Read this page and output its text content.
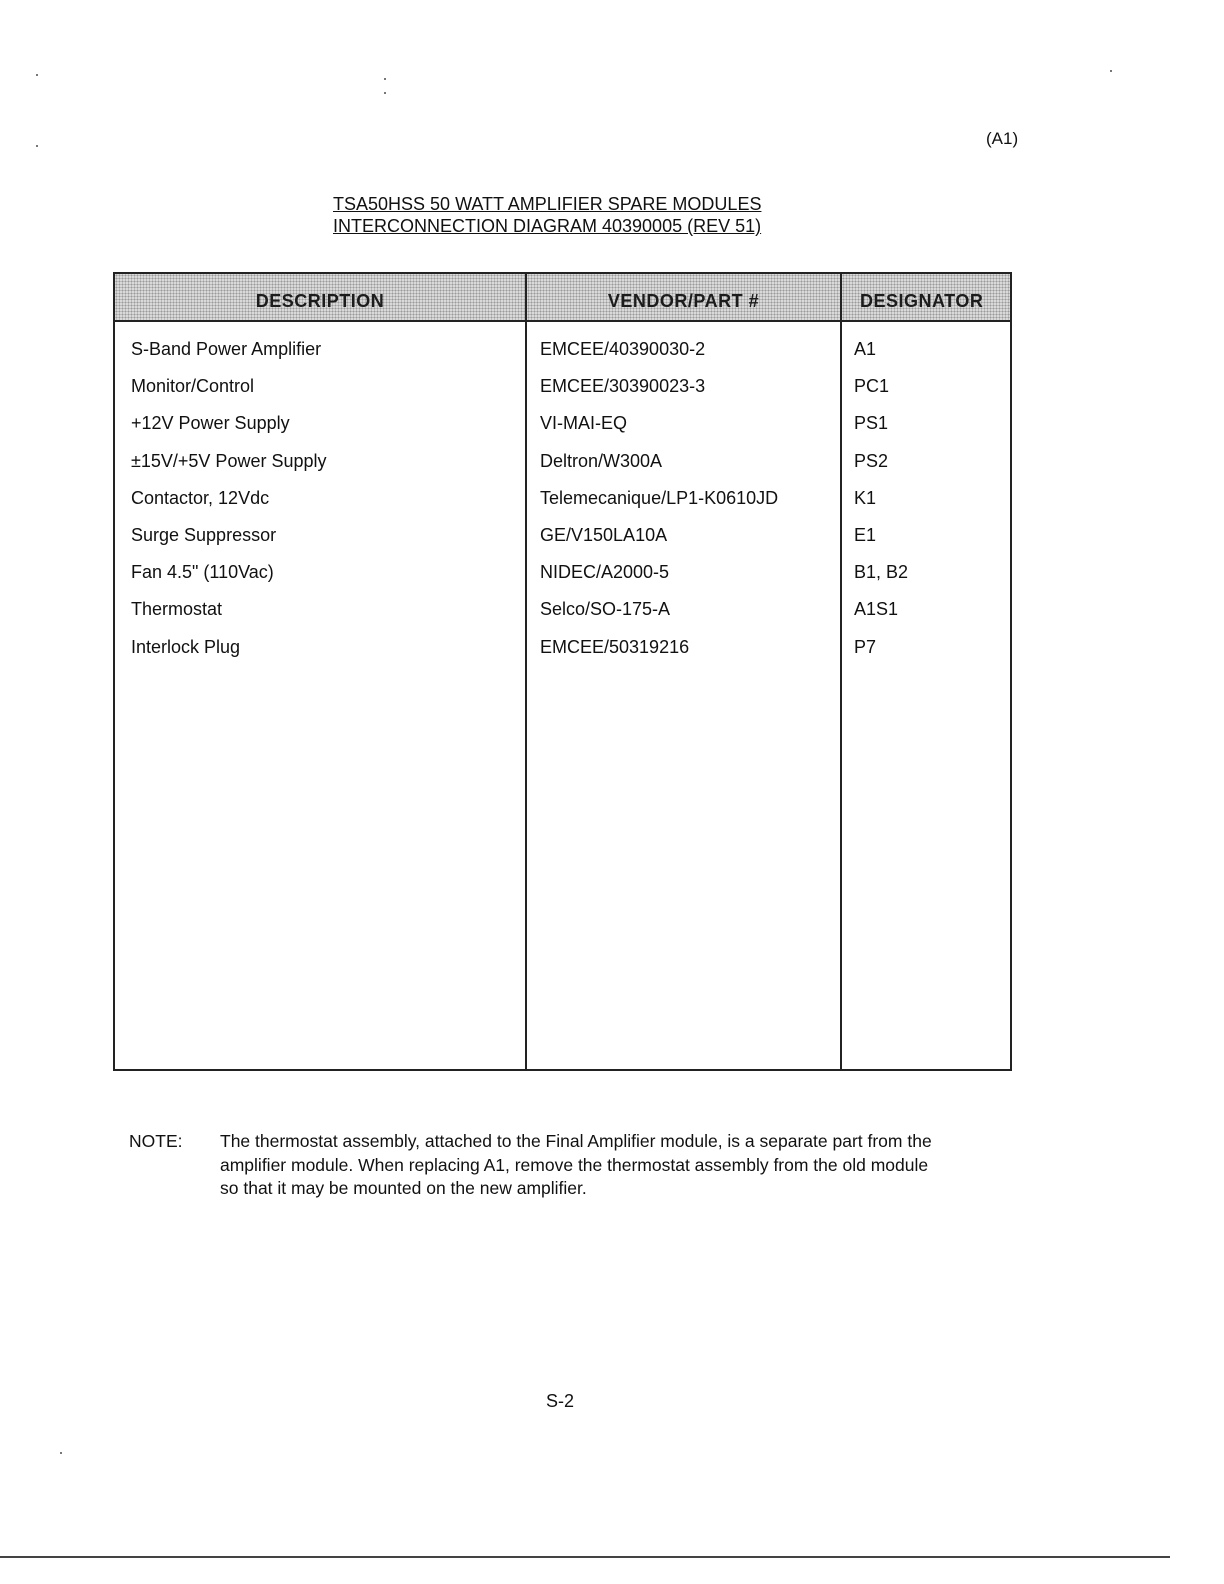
(A1)
TSA50HSS 50 WATT AMPLIFIER SPARE MODULES
INTERCONNECTION DIAGRAM 40390005 (REV 51)
DESCRIPTION
S-Band Power Amplifier
Monitor/Control
+12V Power Supply
±15V/+5V Power Supply
Contactor, 12Vdc
Surge Suppressor
Fan 4.5" (110Vac)
Thermostat
Interlock Plug
VENDOR/PART #
EMCEE/40390030-2
EMCEE/30390023-3
VI-MAI-EQ
Deltron/W300A
Telemecanique/LP1-K0610JD
GE/V150LA10A
NIDEC/A2000-5
Selco/SO-175-A
EMCEE/50319216
DESIGNATOR
A1
PC1
PS1
PS2
K1
E1
B1, B2
A1S1
P7
NOTE: The thermostat assembly, attached to the Final Amplifier module, is a separate part from the
amplifier module. When replacing A1, remove the thermostat assembly from the old module
so that it may be mounted on the new amplifier.
S-2
